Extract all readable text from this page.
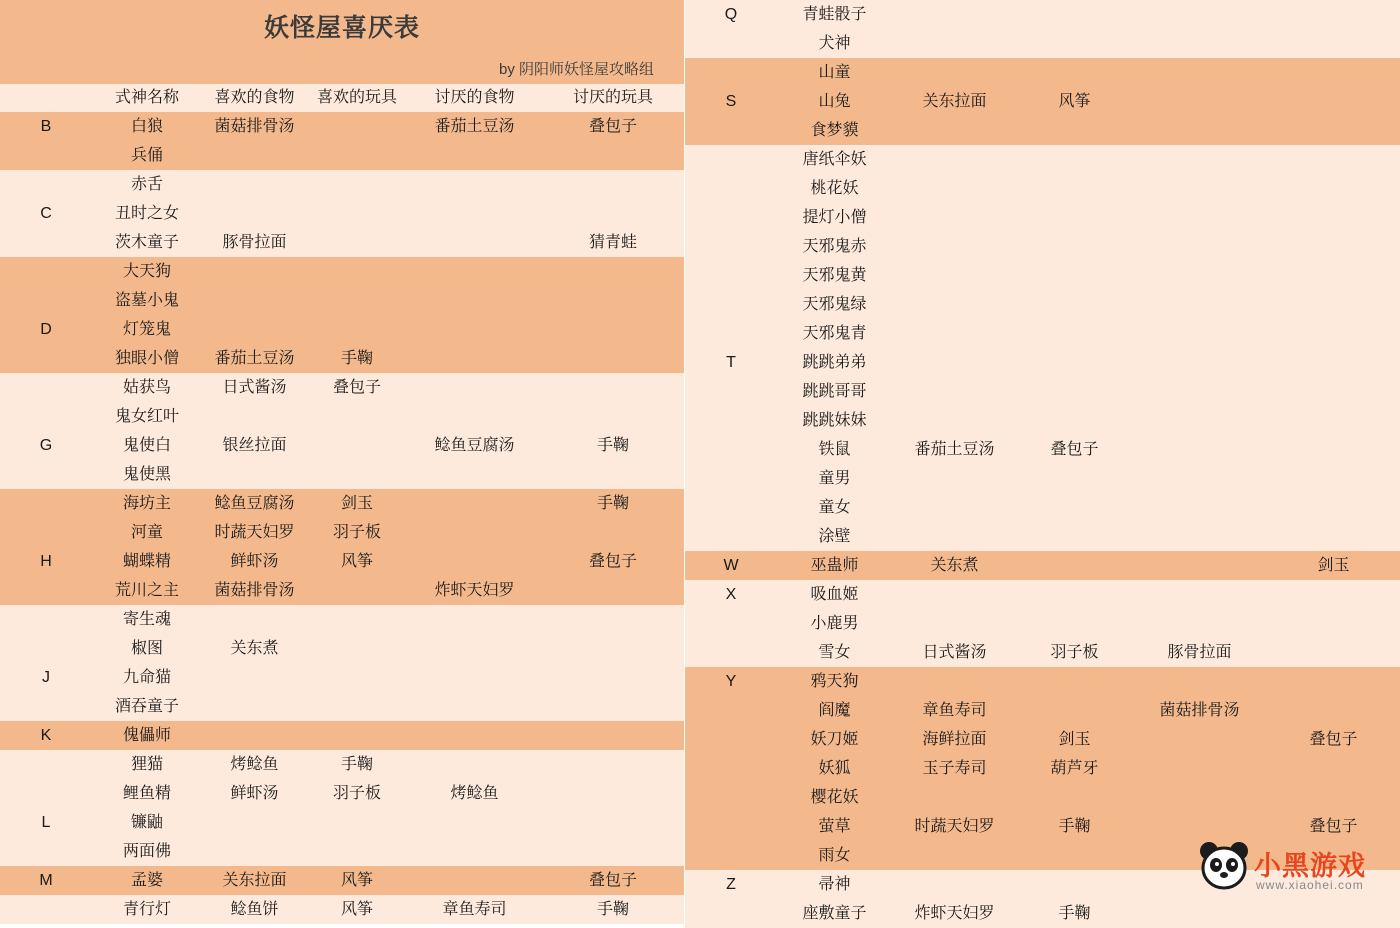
妖怪屋喜厌表					
by 阴阳师妖怪屋攻略组					
	式神名称	喜欢的食物	喜欢的玩具	讨厌的食物	讨厌的玩具
B	白狼	菌菇排骨汤		番茄土豆汤	叠包子
	兵俑				
	赤舌				
C	丑时之女				
	茨木童子	豚骨拉面			猜青蛙
	大天狗				
	盗墓小鬼				
D	灯笼鬼				
	独眼小僧	番茄土豆汤	手鞠		
	姑获鸟	日式酱汤	叠包子		
	鬼女红叶				
G	鬼使白	银丝拉面		鲶鱼豆腐汤	手鞠
	鬼使黑				
	海坊主	鲶鱼豆腐汤	剑玉		手鞠
	河童	时蔬天妇罗	羽子板		
H	蝴蝶精	鲜虾汤	风筝		叠包子
	荒川之主	菌菇排骨汤		炸虾天妇罗	
	寄生魂				
	椒图	关东煮			
J	九命猫				
	酒吞童子				
K	傀儡师				
	狸猫	烤鲶鱼	手鞠		
	鲤鱼精	鲜虾汤	羽子板	烤鲶鱼	
L	镰鼬				
	两面佛				
M	孟婆	关东拉面	风筝		叠包子
	青行灯	鲶鱼饼	风筝	章鱼寿司	手鞠
Q	青蛙骰子				
	犬神				
	山童				
S	山兔	关东拉面	风筝		
	食梦貘				
	唐纸伞妖				
	桃花妖				
	提灯小僧				
	天邪鬼赤				
	天邪鬼黄				
	天邪鬼绿				
	天邪鬼青				
T	跳跳弟弟				
	跳跳哥哥				
	跳跳妹妹				
	铁鼠	番茄土豆汤	叠包子		
	童男				
	童女				
	涂壁				
W	巫蛊师	关东煮			剑玉
X	吸血姬				
	小鹿男				
	雪女	日式酱汤	羽子板	豚骨拉面	
Y	鸦天狗				
	阎魔	章鱼寿司		菌菇排骨汤	
	妖刀姬	海鲜拉面	剑玉		叠包子
	妖狐	玉子寿司	葫芦牙		
	樱花妖				
	萤草	时蔬天妇罗	手鞠		叠包子
	雨女				
Z	帚神				
	座敷童子	炸虾天妇罗	手鞠		
小黑游戏
www.xiaohei.com
